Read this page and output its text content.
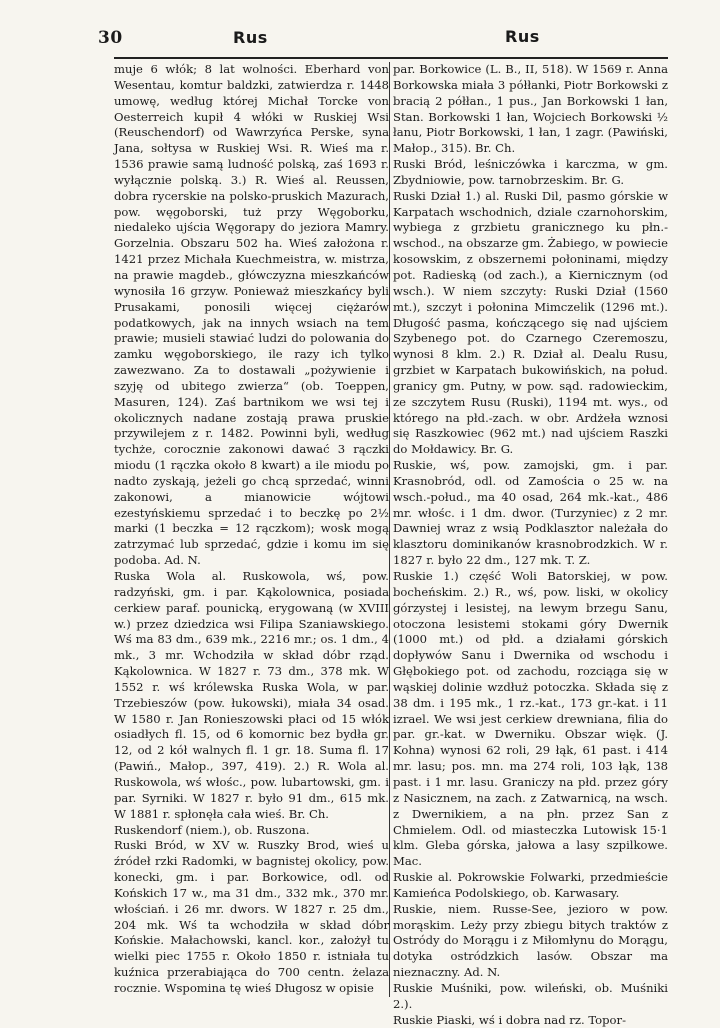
30	Rus	Rus

muje 6 włók; 8 lat wolności. Eberhard von Wesentau, komtur baldzki, zatwierdza r. 1448 umowę, według której Michał Torcke von Oesterreich kupił 4 włóki w Ruskiej Wsi (Reuschendorf) od Wawrzyńca Perske, syna Jana, sołtysa w Ruskiej Wsi. R. Wieś ma r. 1536 prawie samą ludność polską, zaś 1693 r. wyłącznie polską. 3.) R. Wieś al. Reussen, dobra rycerskie na polsko-pruskich Mazurach, pow. węgoborski, tuż przy Węgoborku, niedaleko ujścia Węgorapy do jeziora Mamry. Gorzelnia. Obszaru 502 ha. Wieś założona r. 1421 przez Michała Kuechmeistra, w. mistrza, na prawie magdeb., główczyzna mieszkańców wynosiła 16 grzyw. Ponieważ mieszkańcy byli Prusakami, ponosili więcej ciężarów podatkowych, jak na innych wsiach na tem prawie; musieli stawiać ludzi do polowania do zamku węgoborskiego, ile razy ich tylko zawezwano. Za to dostawali „pożywienie i szyję od ubitego zwierza“ (ob. Toeppen, Masuren, 124). Zaś bartnikom we wsi tej i okolicznych nadane zostają prawa pruskie przywilejem z r. 1482. Powinni byli, według tychże, corocznie zakonowi dawać 3 rączki miodu (1 rączka około 8 kwart) a ile miodu po nadto zyskają, jeżeli go chcą sprzedać, winni zakonowi, a mianowicie wójtowi ezestyńskiemu sprzedać i to beczkę po 2½ marki (1 beczka = 12 rączkom); wosk mogą zatrzymać lub sprzedać, gdzie i komu im się podoba. Ad. N.

Ruska Wola al. Ruskowola, wś, pow. radzyński, gm. i par. Kąkolownica, posiada cerkiew paraf. pounicką, erygowaną (w XVIII w.) przez dziedzica wsi Filipa Szaniawskiego. Wś ma 83 dm., 639 mk., 2216 mr.; os. 1 dm., 4 mk., 3 mr. Wchodziła w skład dóbr rząd. Kąkolownica. W 1827 r. 73 dm., 378 mk. W 1552 r. wś królewska Ruska Wola, w par. Trzebieszów (pow. łukowski), miała 34 osad. W 1580 r. Jan Ronieszowski płaci od 15 włók osiadłych fl. 15, od 6 komornic bez bydła gr. 12, od 2 kół walnych fl. 1 gr. 18. Suma fl. 17 (Pawiń., Małop., 397, 419). 2.) R. Wola al. Ruskowola, wś włośc., pow. lubartowski, gm. i par. Syrniki. W 1827 r. było 91 dm., 615 mk. W 1881 r. spłonęła cała wieś. Br. Ch.

Ruskendorf (niem.), ob. Ruszona.

Ruski Bród, w XV w. Ruszky Brod, wieś u źródeł rzki Radomki, w bagnistej okolicy, pow. konecki, gm. i par. Borkowice, odl. od Końskich 17 w., ma 31 dm., 332 mk., 370 mr. włościań. i 26 mr. dwors. W 1827 r. 25 dm., 204 mk. Wś ta wchodziła w skład dóbr Końskie. Małachowski, kancl. kor., założył tu wielki piec 1755 r. Około 1850 r. istniała tu kuźnica przerabiająca do 700 centn. żelaza rocznie. Wspomina tę wieś Długosz w opisie

par. Borkowice (L. B., II, 518). W 1569 r. Anna Borkowska miała 3 półłanki, Piotr Borkowski z bracią 2 półłan., 1 pus., Jan Borkowski 1 łan, Stan. Borkowski 1 łan, Wojciech Borkowski ½ łanu, Piotr Borkowski, 1 łan, 1 zagr. (Pawiński, Małop., 315). Br. Ch.

Ruski Bród, leśniczówka i karczma, w gm. Zbydniowie, pow. tarnobrzeskim. Br. G.

Ruski Dział 1.) al. Ruski Dil, pasmo górskie w Karpatach wschodnich, dziale czarnohorskim, wybiega z grzbietu granicznego ku płn.-wschod., na obszarze gm. Żabiego, w powiecie kosowskim, z obszernemi połoninami, między pot. Radieską (od zach.), a Kiernicznym (od wsch.). W niem szczyty: Ruski Dział (1560 mt.), szczyt i połonina Mimczelik (1296 mt.). Długość pasma, kończącego się nad ujściem Szybenego pot. do Czarnego Czeremoszu, wynosi 8 klm. 2.) R. Dział al. Dealu Rusu, grzbiet w Karpatach bukowińskich, na połud. granicy gm. Putny, w pow. sąd. radowieckim, ze szczytem Rusu (Ruski), 1194 mt. wys., od którego na płd.-zach. w obr. Ardżeła wznosi się Raszkowiec (962 mt.) nad ujściem Raszki do Mołdawicy. Br. G.

Ruskie, wś, pow. zamojski, gm. i par. Krasnobród, odl. od Zamościa o 25 w. na wsch.-połud., ma 40 osad, 264 mk.-kat., 486 mr. włośc. i 1 dm. dwor. (Turzyniec) z 2 mr. Dawniej wraz z wsią Podklasztor należała do klasztoru dominikanów krasnobrodzkich. W r. 1827 r. było 22 dm., 127 mk. T. Z.

Ruskie 1.) część Woli Batorskiej, w pow. bocheńskim. 2.) R., wś, pow. liski, w okolicy górzystej i lesistej, na lewym brzegu Sanu, otoczona lesistemi stokami góry Dwernik (1000 mt.) od płd. a działami górskich dopływów Sanu i Dwernika od wschodu i Głębokiego pot. od zachodu, rozciąga się w wąskiej dolinie wzdłuż potoczka. Składa się z 38 dm. i 195 mk., 1 rz.-kat., 173 gr.-kat. i 11 izrael. We wsi jest cerkiew drewniana, filia do par. gr.-kat. w Dwerniku. Obszar więk. (J. Kohna) wynosi 62 roli, 29 łąk, 61 past. i 414 mr. lasu; pos. mn. ma 274 roli, 103 łąk, 138 past. i 1 mr. lasu. Graniczy na płd. przez góry z Nasicznem, na zach. z Zatwarnicą, na wsch. z Dwernikiem, a na płn. przez San z Chmielem. Odl. od miasteczka Lutowisk 15·1 klm. Gleba górska, jałowa a lasy szpilkowe. Mac.

Ruskie al. Pokrowskie Folwarki, przedmieście Kamieńca Podolskiego, ob. Karwasary.

Ruskie, niem. Russe-See, jezioro w pow. morąskim. Leży przy zbiegu bitych traktów z Ostródy do Morągu i z Miłomłynu do Morągu, dotyka ostródzkich lasów. Obszar ma nieznaczny. Ad. N.

Ruskie Muśniki, pow. wileński, ob. Muśniki 2.).

Ruskie Piaski, wś i dobra nad rz. Topor-
